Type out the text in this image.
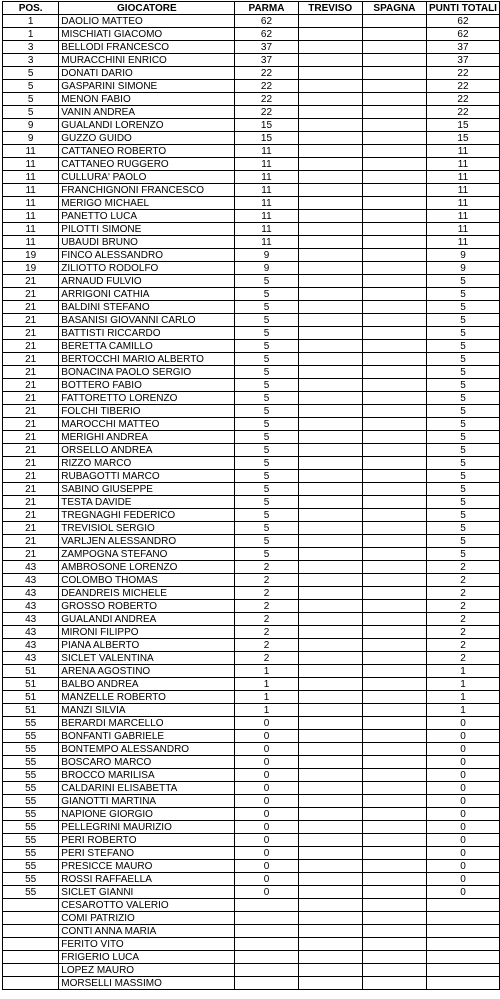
POS.	GIOCATORE	PARMA	TREVISO	SPAGNA	PUNTI TOTALI
1	DAOLIO MATTEO	62			62
1	MISCHIATI GIACOMO	62			62
3	BELLODI FRANCESCO	37			37
3	MURACCHINI ENRICO	37			37
5	DONATI DARIO	22			22
5	GASPARINI SIMONE	22			22
5	MENON FABIO	22			22
5	VANIN ANDREA	22			22
9	GUALANDI LORENZO	15			15
9	GUZZO GUIDO	15			15
11	CATTANEO ROBERTO	11			11
11	CATTANEO RUGGERO	11			11
11	CULLURA' PAOLO	11			11
11	FRANCHIGNONI FRANCESCO	11			11
11	MERIGO MICHAEL	11			11
11	PANETTO LUCA	11			11
11	PILOTTI SIMONE	11			11
11	UBAUDI BRUNO	11			11
19	FINCO ALESSANDRO	9			9
19	ZILIOTTO RODOLFO	9			9
21	ARNAUD FULVIO	5			5
21	ARRIGONI CATHIA	5			5
21	BALDINI STEFANO	5			5
21	BASANISI GIOVANNI CARLO	5			5
21	BATTISTI RICCARDO	5			5
21	BERETTA CAMILLO	5			5
21	BERTOCCHI MARIO ALBERTO	5			5
21	BONACINA PAOLO SERGIO	5			5
21	BOTTERO FABIO	5			5
21	FATTORETTO LORENZO	5			5
21	FOLCHI TIBERIO	5			5
21	MAROCCHI MATTEO	5			5
21	MERIGHI ANDREA	5			5
21	ORSELLO ANDREA	5			5
21	RIZZO MARCO	5			5
21	RUBAGOTTI MARCO	5			5
21	SABINO GIUSEPPE	5			5
21	TESTA DAVIDE	5			5
21	TREGNAGHI FEDERICO	5			5
21	TREVISIOL SERGIO	5			5
21	VARLJEN ALESSANDRO	5			5
21	ZAMPOGNA STEFANO	5			5
43	AMBROSONE LORENZO	2			2
43	COLOMBO THOMAS	2			2
43	DEANDREIS MICHELE	2			2
43	GROSSO ROBERTO	2			2
43	GUALANDI ANDREA	2			2
43	MIRONI FILIPPO	2			2
43	PIANA ALBERTO	2			2
43	SICLET VALENTINA	2			2
51	ARENA AGOSTINO	1			1
51	BALBO ANDREA	1			1
51	MANZELLE ROBERTO	1			1
51	MANZI SILVIA	1			1
55	BERARDI MARCELLO	0			0
55	BONFANTI GABRIELE	0			0
55	BONTEMPO ALESSANDRO	0			0
55	BOSCARO MARCO	0			0
55	BROCCO MARILISA	0			0
55	CALDARINI ELISABETTA	0			0
55	GIANOTTI MARTINA	0			0
55	NAPIONE GIORGIO	0			0
55	PELLEGRINI MAURIZIO	0			0
55	PERI ROBERTO	0			0
55	PERI STEFANO	0			0
55	PRESICCE MAURO	0			0
55	ROSSI RAFFAELLA	0			0
55	SICLET GIANNI	0			0
	CESAROTTO VALERIO				
	COMI PATRIZIO				
	CONTI ANNA MARIA				
	FERITO VITO				
	FRIGERIO LUCA				
	LOPEZ MAURO				
	MORSELLI MASSIMO				
